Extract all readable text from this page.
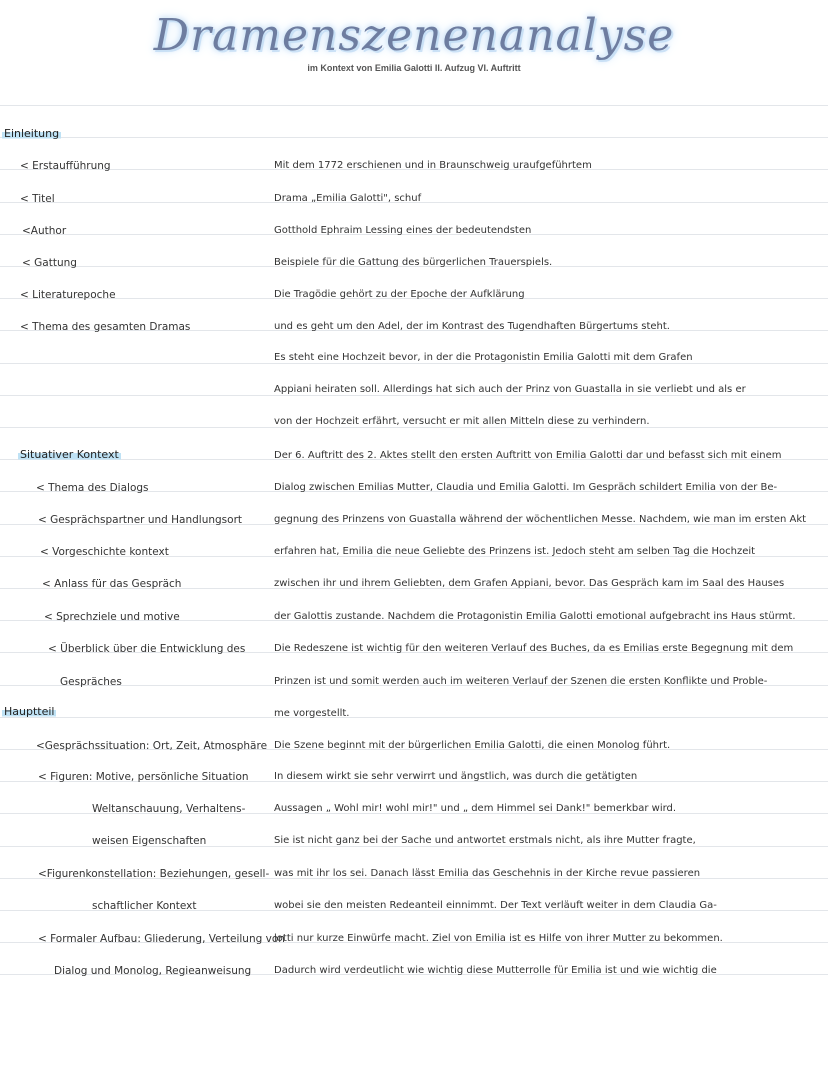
Dramenszenenanalyse
im Kontext von Emilia Galotti II. Aufzug VI. Auftritt
Einleitung
Situativer Kontext
Hauptteil
< Erstaufführung
< Titel
<Author
< Gattung
< Literaturepoche
< Thema des gesamten Dramas
< Thema des Dialogs
< Gesprächspartner und Handlungsort
< Vorgeschichte kontext
< Anlass für das Gespräch
< Sprechziele und motive
< Überblick über die Entwicklung des
Gespräches
<Gesprächssituation: Ort, Zeit, Atmosphäre
< Figuren: Motive, persönliche Situation
Weltanschauung, Verhaltens-
weisen Eigenschaften
<Figurenkonstellation: Beziehungen, gesell-
schaftlicher Kontext
< Formaler Aufbau: Gliederung, Verteilung von
Dialog und Monolog, Regieanweisung
Mit dem 1772 erschienen und in Braunschweig uraufgeführtem
Drama „Emilia Galotti", schuf
Gotthold Ephraim Lessing eines der bedeutendsten
Beispiele für die Gattung des bürgerlichen Trauerspiels.
Die Tragödie gehört zu der Epoche der Aufklärung
und es geht um den Adel, der im Kontrast des Tugendhaften Bürgertums steht.
Es steht eine Hochzeit bevor, in der die Protagonistin Emilia Galotti mit dem Grafen
Appiani heiraten soll. Allerdings hat sich auch der Prinz von Guastalla in sie verliebt und als er
von der Hochzeit erfährt, versucht er mit allen Mitteln diese zu verhindern.
Der 6. Auftritt des 2. Aktes stellt den ersten Auftritt von Emilia Galotti dar und befasst sich mit einem
Dialog zwischen Emilias Mutter, Claudia und Emilia Galotti. Im Gespräch schildert Emilia von der Be-
gegnung des Prinzens von Guastalla während der wöchentlichen Messe. Nachdem, wie man im ersten Akt
erfahren hat, Emilia die neue Geliebte des Prinzens ist. Jedoch steht am selben Tag die Hochzeit
zwischen ihr und ihrem Geliebten, dem Grafen Appiani, bevor. Das Gespräch kam im Saal des Hauses
der Galottis zustande. Nachdem die Protagonistin Emilia Galotti emotional aufgebracht ins Haus stürmt.
Die Redeszene ist wichtig für den weiteren Verlauf des Buches, da es Emilias erste Begegnung mit dem
Prinzen ist und somit werden auch im weiteren Verlauf der Szenen die ersten Konflikte und Proble-
me vorgestellt.
Die Szene beginnt mit der bürgerlichen Emilia Galotti, die einen Monolog führt.
In diesem wirkt sie sehr verwirrt und ängstlich, was durch die getätigten
Aussagen „ Wohl mir! wohl mir!" und „ dem Himmel sei Dank!" bemerkbar wird.
Sie ist nicht ganz bei der Sache und antwortet erstmals nicht, als ihre Mutter fragte,
was mit ihr los sei. Danach lässt Emilia das Geschehnis in der Kirche revue passieren
wobei sie den meisten Redeanteil einnimmt. Der Text verläuft weiter in dem Claudia Ga-
lotti nur kurze Einwürfe macht. Ziel von Emilia ist es Hilfe von ihrer Mutter zu bekommen.
Dadurch wird verdeutlicht wie wichtig diese Mutterrolle für Emilia ist und wie wichtig die
